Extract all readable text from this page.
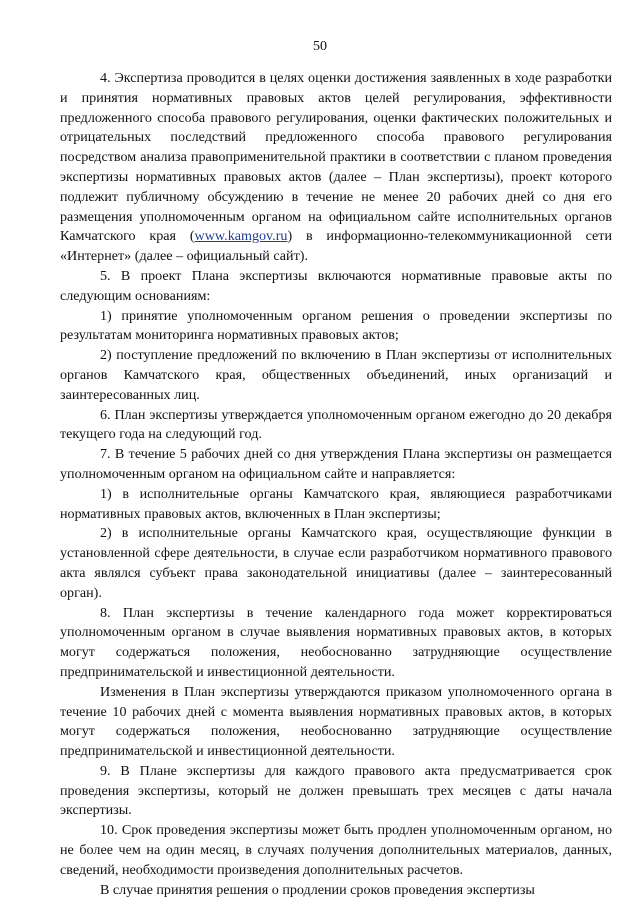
50

4. Экспертиза проводится в целях оценки достижения заявленных в ходе разработки и принятия нормативных правовых актов целей регулирования, эффективности предложенного способа правового регулирования, оценки фактических положительных и отрицательных последствий предложенного способа правового регулирования посредством анализа правоприменительной практики в соответствии с планом проведения экспертизы нормативных правовых актов (далее – План экспертизы), проект которого подлежит публичному обсуждению в течение не менее 20 рабочих дней со дня его размещения уполномоченным органом на официальном сайте исполнительных органов Камчатского края (www.kamgov.ru) в информационно-телекоммуникационной сети «Интернет» (далее – официальный сайт).

5. В проект Плана экспертизы включаются нормативные правовые акты по следующим основаниям:

1) принятие уполномоченным органом решения о проведении экспертизы по результатам мониторинга нормативных правовых актов;

2) поступление предложений по включению в План экспертизы от исполнительных органов Камчатского края, общественных объединений, иных организаций и заинтересованных лиц.

6. План экспертизы утверждается уполномоченным органом ежегодно до 20 декабря текущего года на следующий год.

7. В течение 5 рабочих дней со дня утверждения Плана экспертизы он размещается уполномоченным органом на официальном сайте и направляется:

1) в исполнительные органы Камчатского края, являющиеся разработчиками нормативных правовых актов, включенных в План экспертизы;

2) в исполнительные органы Камчатского края, осуществляющие функции в установленной сфере деятельности, в случае если разработчиком нормативного правового акта являлся субъект права законодательной инициативы (далее – заинтересованный орган).

8. План экспертизы в течение календарного года может корректироваться уполномоченным органом в случае выявления нормативных правовых актов, в которых могут содержаться положения, необоснованно затрудняющие осуществление предпринимательской и инвестиционной деятельности.

Изменения в План экспертизы утверждаются приказом уполномоченного органа в течение 10 рабочих дней с момента выявления нормативных правовых актов, в которых могут содержаться положения, необоснованно затрудняющие осуществление предпринимательской и инвестиционной деятельности.

9. В Плане экспертизы для каждого правового акта предусматривается срок проведения экспертизы, который не должен превышать трех месяцев с даты начала экспертизы.

10. Срок проведения экспертизы может быть продлен уполномоченным органом, но не более чем на один месяц, в случаях получения дополнительных материалов, данных, сведений, необходимости произведения дополнительных расчетов.

В случае принятия решения о продлении сроков проведения экспертизы
